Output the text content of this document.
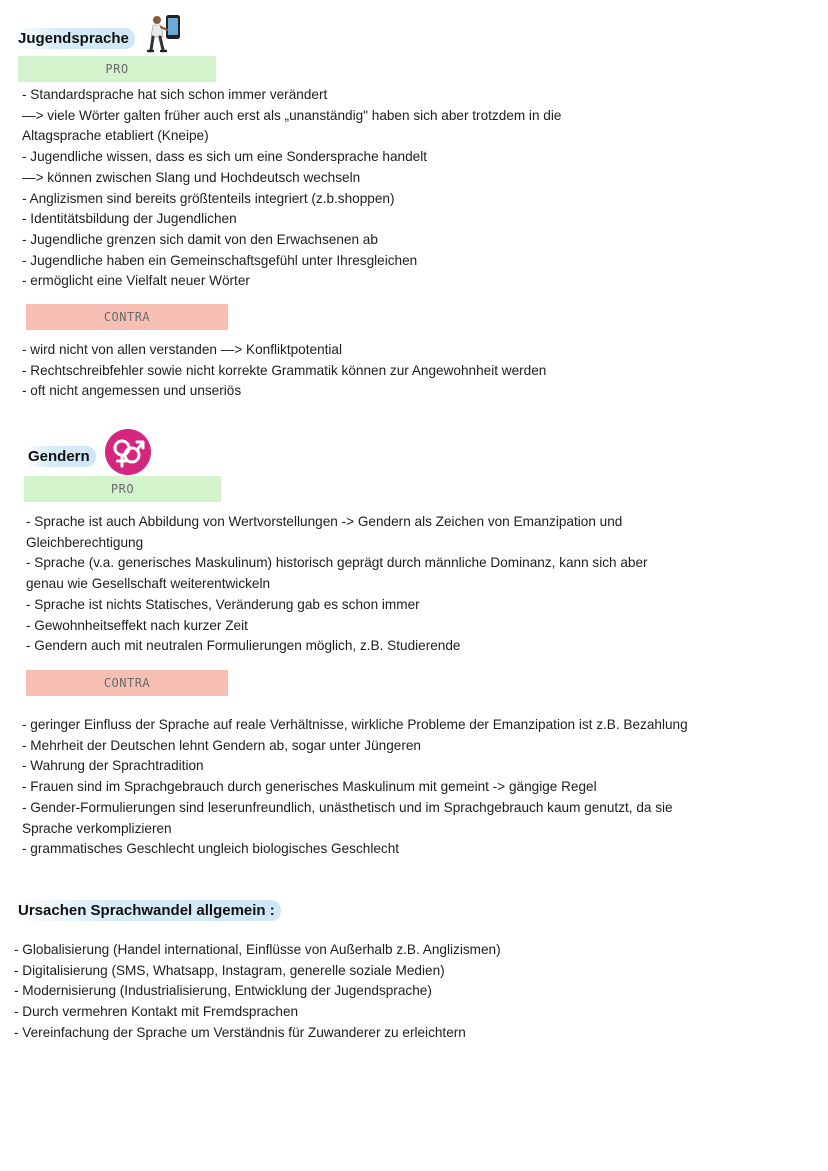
Jugendsprache
PRO
- Standardsprache hat sich schon immer verändert
—> viele Wörter galten früher auch erst als „unanständig" haben sich aber trotzdem in die
Altagsprache etabliert (Kneipe)
- Jugendliche wissen, dass es sich um eine Sondersprache handelt
—> können zwischen Slang und Hochdeutsch wechseln
- Anglizismen sind bereits größtenteils integriert (z.b.shoppen)
- Identitätsbildung der Jugendlichen
- Jugendliche grenzen sich damit von den Erwachsenen ab
- Jugendliche haben ein Gemeinschaftsgefühl unter Ihresgleichen
- ermöglicht eine Vielfalt neuer Wörter
CONTRA
- wird nicht von allen verstanden —> Konfliktpotential
- Rechtschreibfehler sowie nicht korrekte Grammatik können zur Angewohnheit werden
- oft nicht angemessen und unseriös
Gendern
PRO
- Sprache ist auch Abbildung von Wertvorstellungen -> Gendern als Zeichen von Emanzipation und
Gleichberechtigung
- Sprache (v.a. generisches Maskulinum) historisch geprägt durch männliche Dominanz, kann sich aber
genau wie Gesellschaft weiterentwickeln
- Sprache ist nichts Statisches, Veränderung gab es schon immer
- Gewohnheitseffekt nach kurzer Zeit
- Gendern auch mit neutralen Formulierungen möglich, z.B. Studierende
CONTRA
- geringer Einfluss der Sprache auf reale Verhältnisse, wirkliche Probleme der Emanzipation ist z.B. Bezahlung
- Mehrheit der Deutschen lehnt Gendern ab, sogar unter Jüngeren
- Wahrung der Sprachtradition
- Frauen sind im Sprachgebrauch durch generisches Maskulinum mit gemeint -> gängige Regel
- Gender-Formulierungen sind leserunfreundlich, unästhetisch und im Sprachgebrauch kaum genutzt, da sie
Sprache verkomplizieren
- grammatisches Geschlecht ungleich biologisches Geschlecht
Ursachen Sprachwandel allgemein :
- Globalisierung (Handel international, Einflüsse von Außerhalb z.B. Anglizismen)
- Digitalisierung (SMS, Whatsapp, Instagram, generelle soziale Medien)
- Modernisierung (Industrialisierung, Entwicklung der Jugendsprache)
- Durch vermehren Kontakt mit Fremdsprachen
- Vereinfachung der Sprache um Verständnis für Zuwanderer zu erleichtern
